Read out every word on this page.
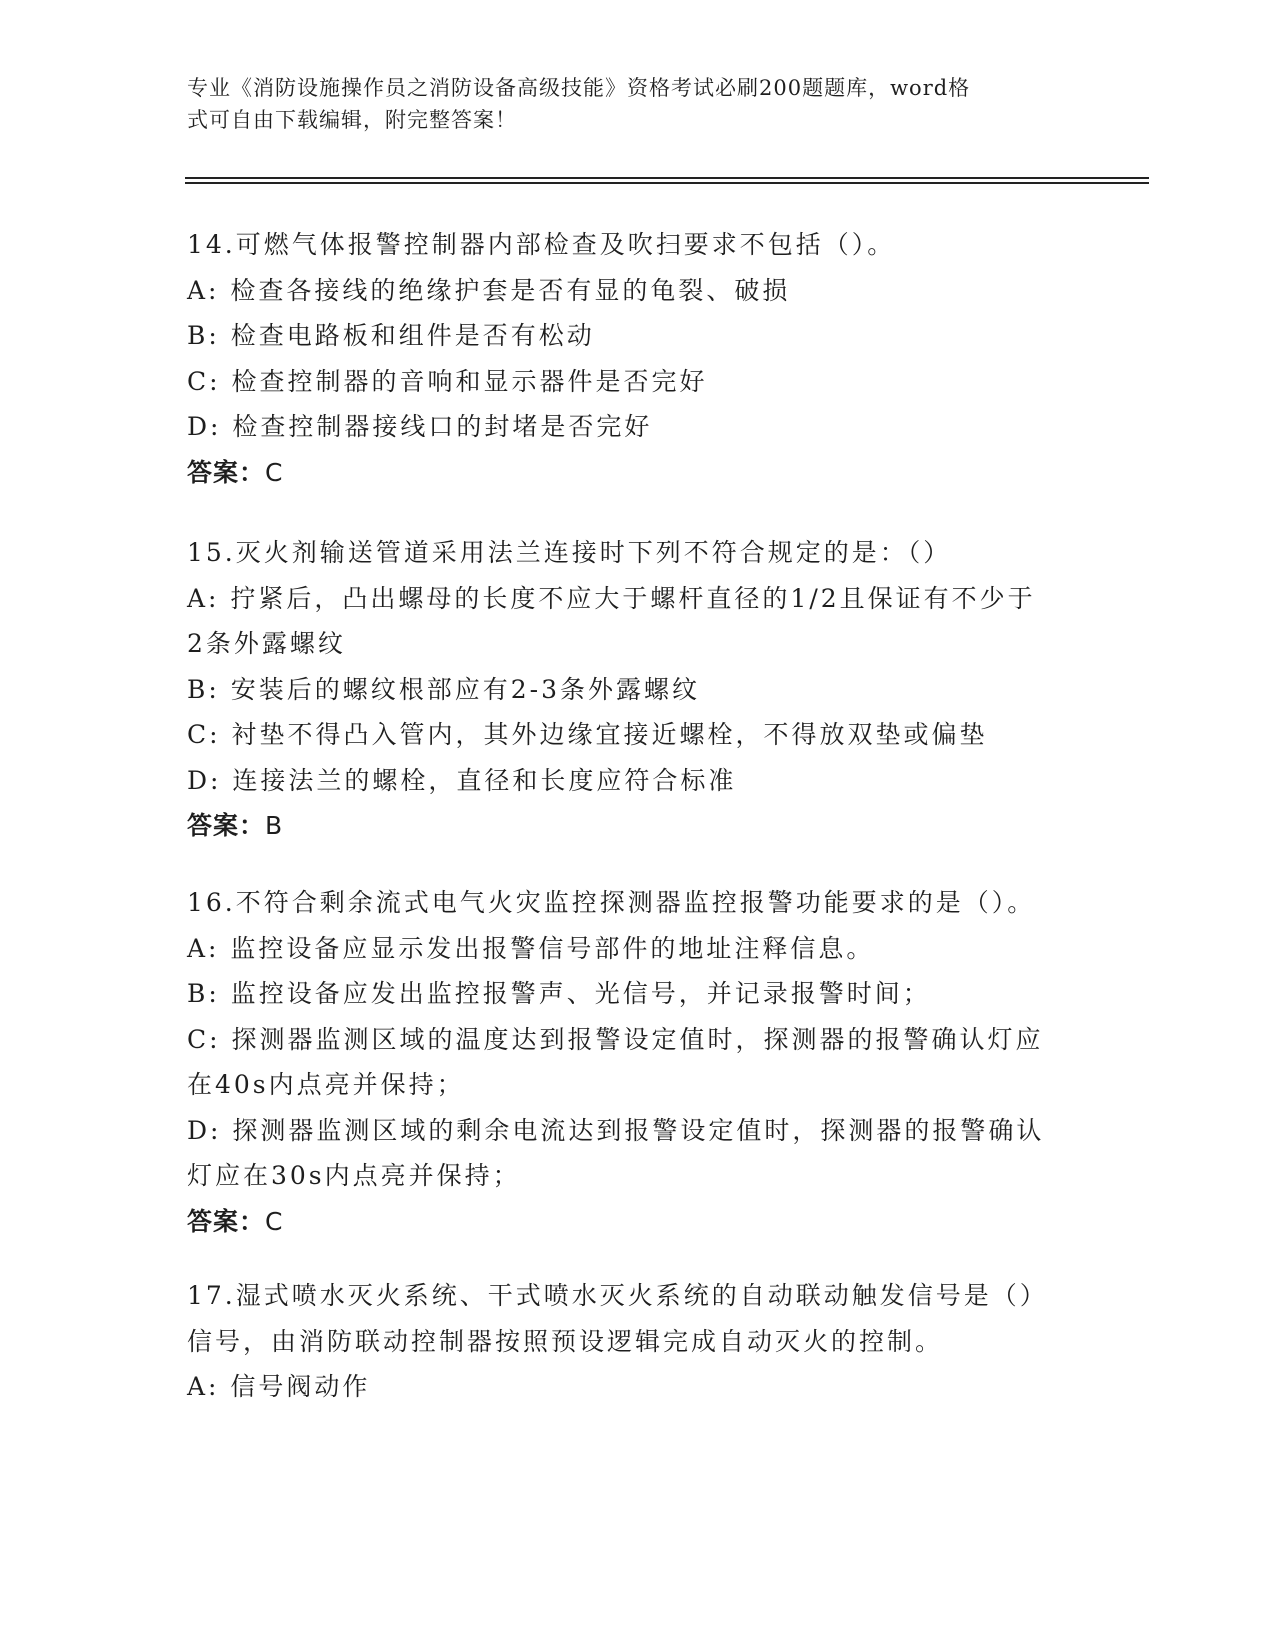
专业《消防设施操作员之消防设备高级技能》资格考试必刷200题题库，word格
式可自由下载编辑，附完整答案！
14.可燃气体报警控制器内部检查及吹扫要求不包括（）。
A: 检查各接线的绝缘护套是否有显的龟裂、破损
B: 检查电路板和组件是否有松动
C: 检查控制器的音响和显示器件是否完好
D: 检查控制器接线口的封堵是否完好
答案：C
15.灭火剂输送管道采用法兰连接时下列不符合规定的是：（）
A: 拧紧后，凸出螺母的长度不应大于螺杆直径的1/2且保证有不少于
2条外露螺纹
B: 安装后的螺纹根部应有2-3条外露螺纹
C: 衬垫不得凸入管内，其外边缘宜接近螺栓，不得放双垫或偏垫
D: 连接法兰的螺栓，直径和长度应符合标准
答案：B
16.不符合剩余流式电气火灾监控探测器监控报警功能要求的是（）。
A: 监控设备应显示发出报警信号部件的地址注释信息。
B: 监控设备应发出监控报警声、光信号，并记录报警时间；
C: 探测器监测区域的温度达到报警设定值时，探测器的报警确认灯应
在40s内点亮并保持；
D: 探测器监测区域的剩余电流达到报警设定值时，探测器的报警确认
灯应在30s内点亮并保持；
答案：C
17.湿式喷水灭火系统、干式喷水灭火系统的自动联动触发信号是（）
信号，由消防联动控制器按照预设逻辑完成自动灭火的控制。
A: 信号阀动作
